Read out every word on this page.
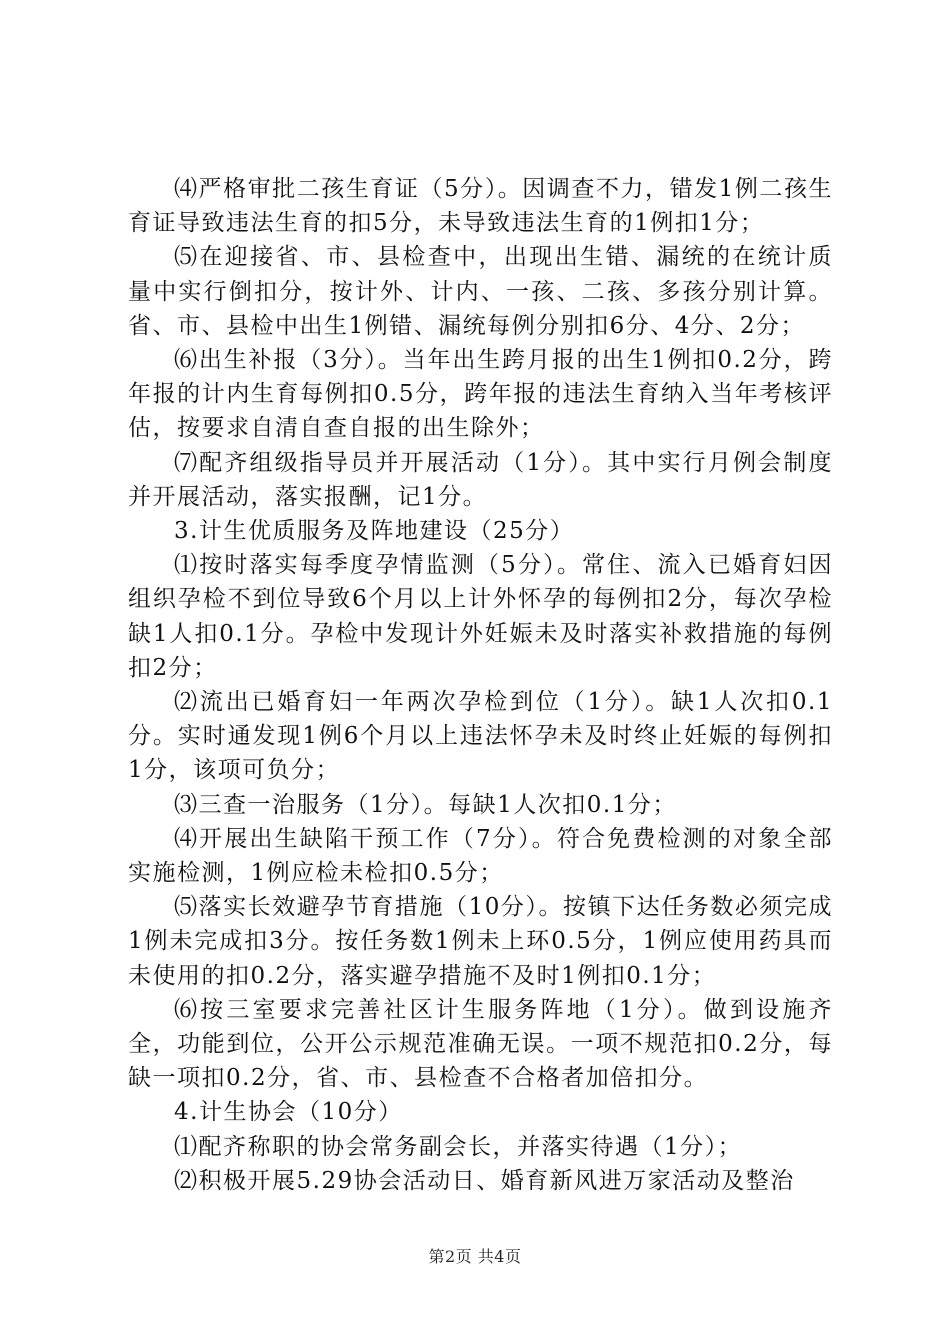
⑷严格审批二孩生育证（5分）。因调查不力，错发1例二孩生育证导致违法生育的扣5分，未导致违法生育的1例扣1分；

⑸在迎接省、市、县检查中，出现出生错、漏统的在统计质量中实行倒扣分，按计外、计内、一孩、二孩、多孩分别计算。省、市、县检中出生1例错、漏统每例分别扣6分、4分、2分；

⑹出生补报（3分）。当年出生跨月报的出生1例扣0.2分，跨年报的计内生育每例扣0.5分，跨年报的违法生育纳入当年考核评估，按要求自清自查自报的出生除外；

⑺配齐组级指导员并开展活动（1分）。其中实行月例会制度并开展活动，落实报酬，记1分。

3.计生优质服务及阵地建设（25分）

⑴按时落实每季度孕情监测（5分）。常住、流入已婚育妇因组织孕检不到位导致6个月以上计外怀孕的每例扣2分，每次孕检缺1人扣0.1分。孕检中发现计外妊娠未及时落实补救措施的每例扣2分；

⑵流出已婚育妇一年两次孕检到位（1分）。缺1人次扣0.1分。实时通发现1例6个月以上违法怀孕未及时终止妊娠的每例扣1分，该项可负分；

⑶三查一治服务（1分）。每缺1人次扣0.1分；

⑷开展出生缺陷干预工作（7分）。符合免费检测的对象全部实施检测，1例应检未检扣0.5分；

⑸落实长效避孕节育措施（10分）。按镇下达任务数必须完成1例未完成扣3分。按任务数1例未上环0.5分，1例应使用药具而未使用的扣0.2分，落实避孕措施不及时1例扣0.1分；

⑹按三室要求完善社区计生服务阵地（1分）。做到设施齐全，功能到位，公开公示规范准确无误。一项不规范扣0.2分，每缺一项扣0.2分，省、市、县检查不合格者加倍扣分。

4.计生协会（10分）

⑴配齐称职的协会常务副会长，并落实待遇（1分）；

⑵积极开展5.29协会活动日、婚育新风进万家活动及整治

第2页 共4页
